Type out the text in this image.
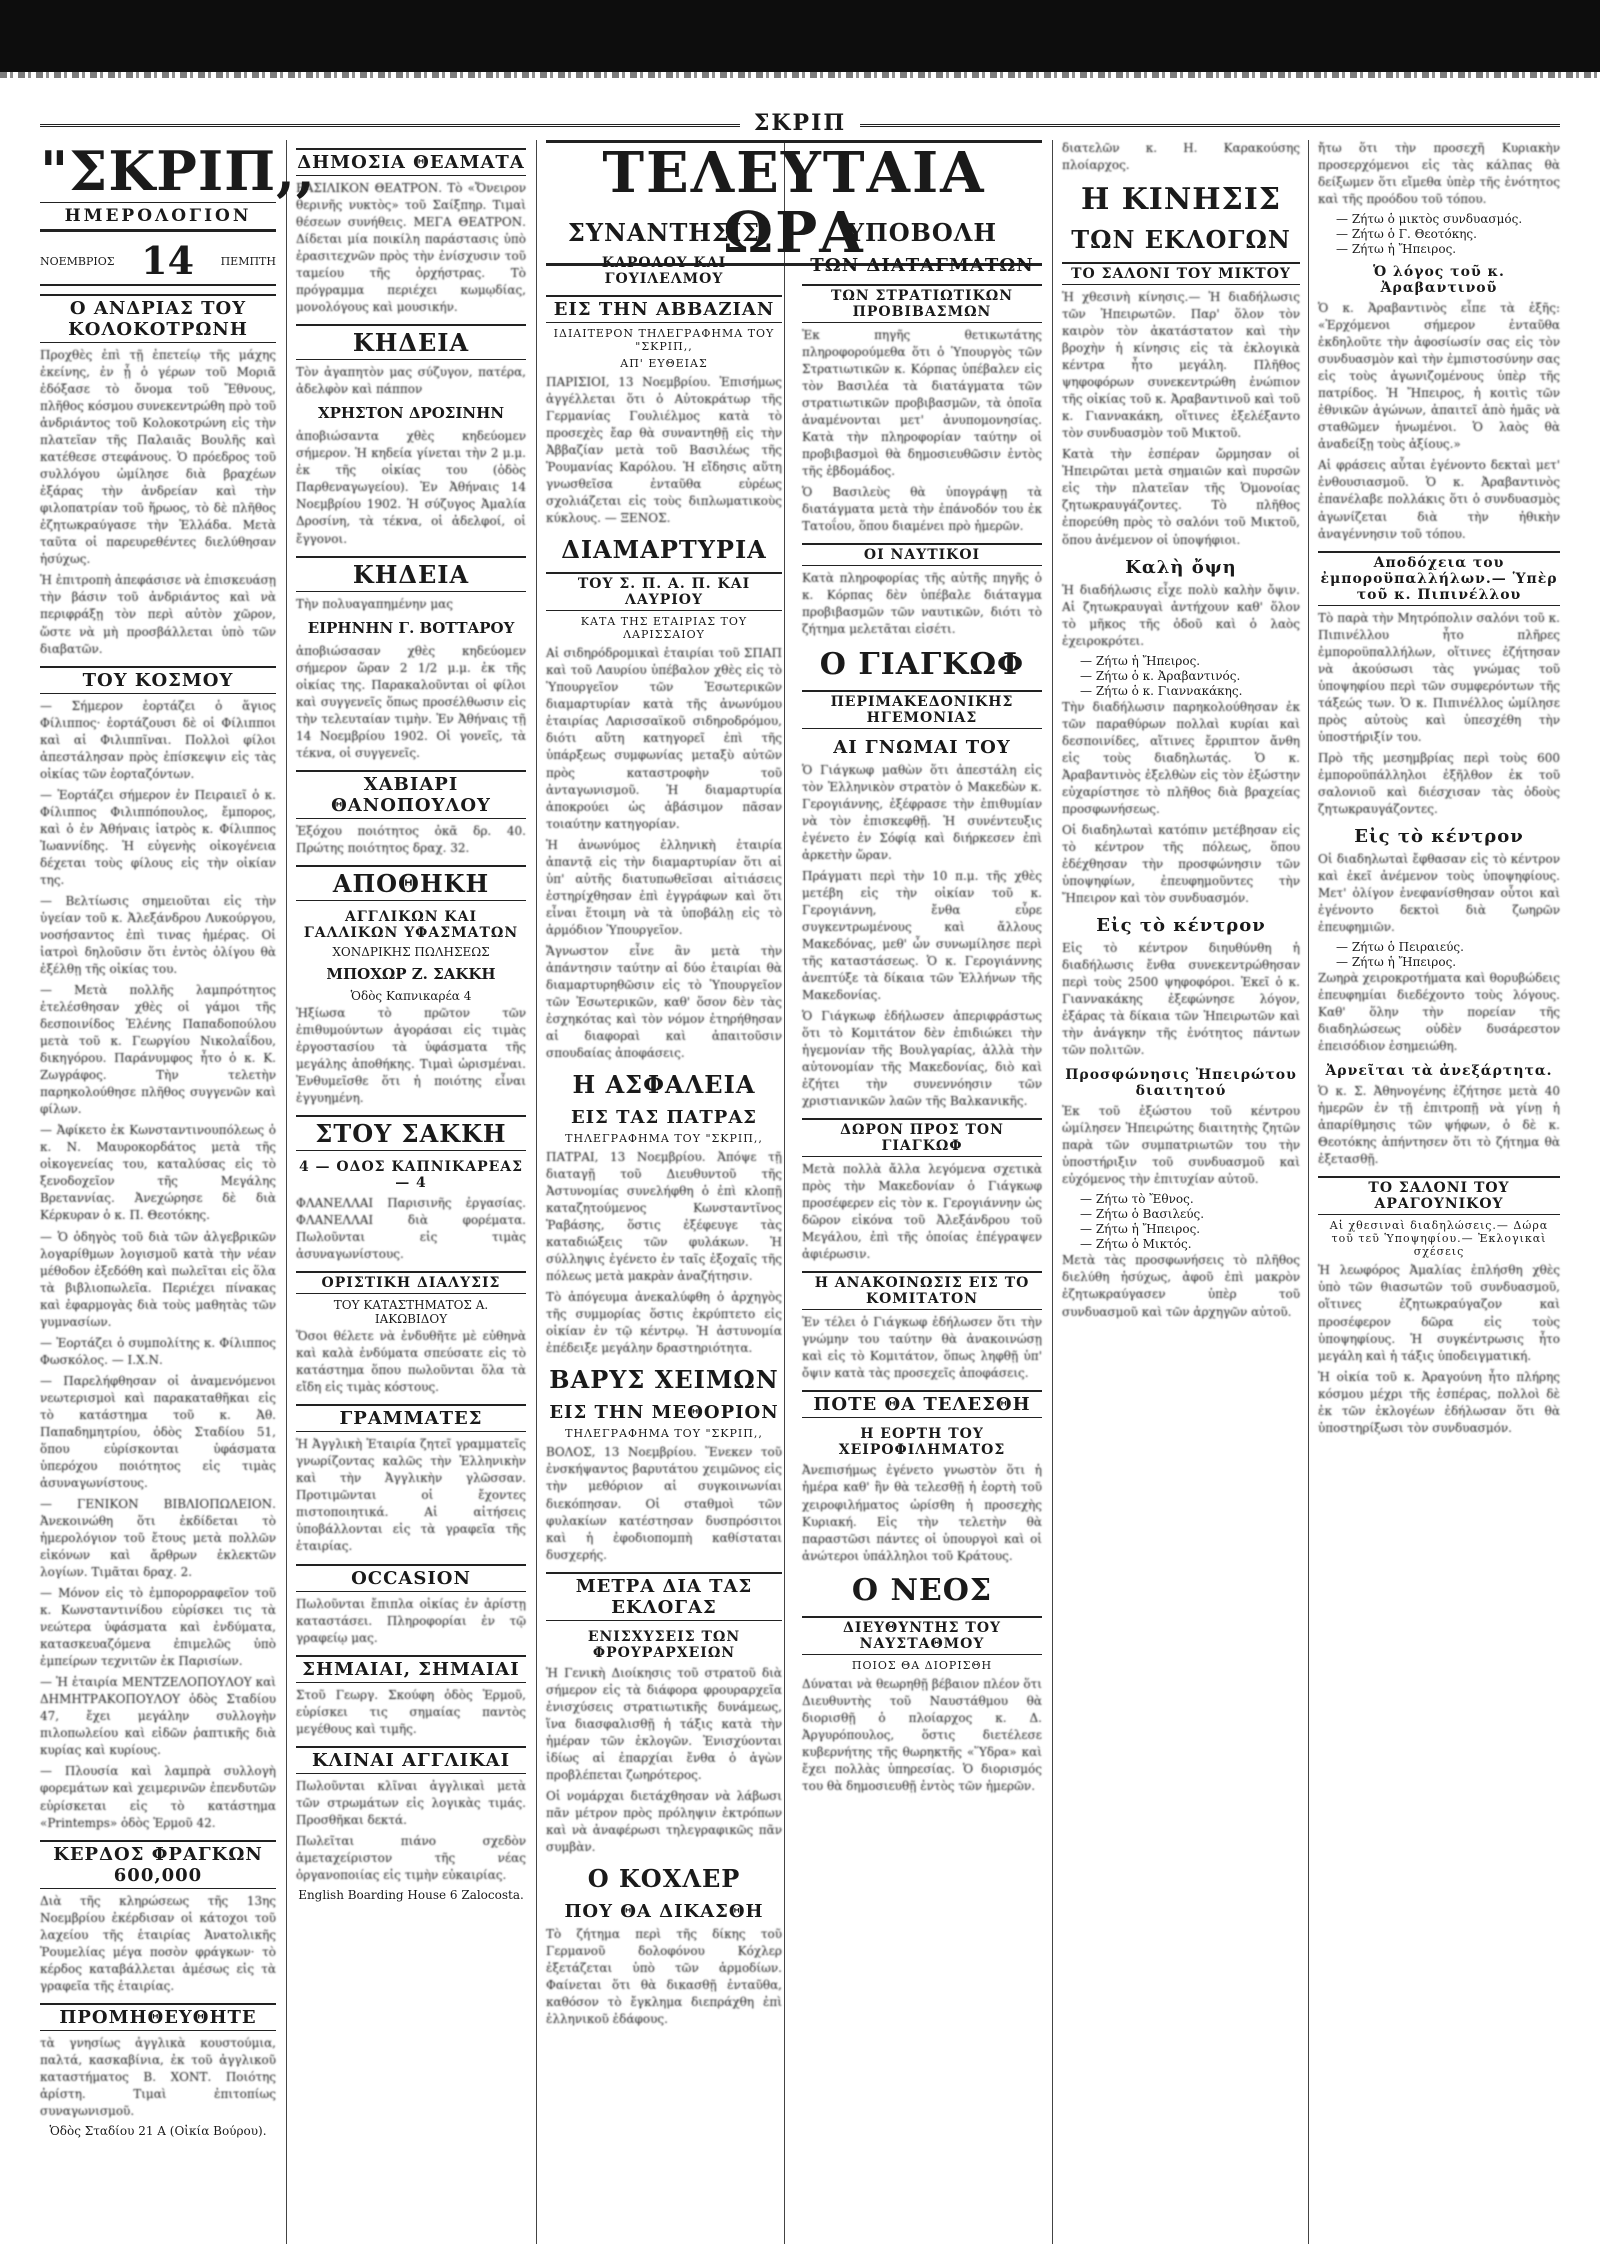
ΣΚΡΙΠ
"ΣΚΡΙΠ,,
ΗΜΕΡΟΛΟΓΙΟΝ
ΝΟΕΜΒΡΙΟΣ 14 ΠΕΜΠΤΗ
Ο ΑΝΔΡΙΑΣ ΤΟΥ ΚΟΛΟΚΟΤΡΩΝΗ

Προχθὲς ἐπὶ τῇ ἐπετείῳ τῆς μάχης ἐκείνης, ἐν ᾗ ὁ γέρων τοῦ Μοριᾶ ἐδόξασε τὸ ὄνομα τοῦ Ἔθνους, πλῆθος κόσμου συνεκεντρώθη πρὸ τοῦ ἀνδριάντος τοῦ Κολοκοτρώνη εἰς τὴν πλατεῖαν τῆς Παλαιᾶς Βουλῆς καὶ κατέθεσε στεφάνους. Ὁ πρόεδρος τοῦ συλλόγου ὡμίλησε διὰ βραχέων ἐξάρας τὴν ἀνδρείαν καὶ τὴν φιλοπατρίαν τοῦ ἥρωος, τὸ δὲ πλῆθος ἐζητωκραύγασε τὴν Ἑλλάδα. Μετὰ ταῦτα οἱ παρευρεθέντες διελύθησαν ἡσύχως.

Ἡ ἐπιτροπὴ ἀπεφάσισε νὰ ἐπισκευάσῃ τὴν βάσιν τοῦ ἀνδριάντος καὶ νὰ περιφράξῃ τὸν περὶ αὐτὸν χῶρον, ὥστε νὰ μὴ προσβάλλεται ὑπὸ τῶν διαβατῶν.

ΤΟΥ ΚΟΣΜΟΥ

— Σήμερον ἑορτάζει ὁ ἅγιος Φίλιππος· ἑορτάζουσι δὲ οἱ Φίλιπποι καὶ αἱ Φιλιππῖναι. Πολλοὶ φίλοι ἀπεστάλησαν πρὸς ἐπίσκεψιν εἰς τὰς οἰκίας τῶν ἑορταζόντων.

— Ἐορτάζει σήμερον ἐν Πειραιεῖ ὁ κ. Φίλιππος Φιλιππόπουλος, ἔμπορος, καὶ ὁ ἐν Ἀθήναις ἰατρὸς κ. Φίλιππος Ἰωαννίδης. Ἡ εὐγενὴς οἰκογένεια δέχεται τοὺς φίλους εἰς τὴν οἰκίαν της.

— Βελτίωσις σημειοῦται εἰς τὴν ὑγείαν τοῦ κ. Ἀλεξάνδρου Λυκούργου, νοσήσαντος ἐπὶ τινας ἡμέρας. Οἱ ἰατροὶ δηλοῦσιν ὅτι ἐντὸς ὀλίγου θὰ ἐξέλθῃ τῆς οἰκίας του.

— Μετὰ πολλῆς λαμπρότητος ἐτελέσθησαν χθὲς οἱ γάμοι τῆς δεσποινίδος Ἑλένης Παπαδοπούλου μετὰ τοῦ κ. Γεωργίου Νικολαΐδου, δικηγόρου. Παράνυμφος ἦτο ὁ κ. Κ. Ζωγράφος. Τὴν τελετὴν παρηκολούθησε πλῆθος συγγενῶν καὶ φίλων.

— Ἀφίκετο ἐκ Κωνσταντινουπόλεως ὁ κ. Ν. Μαυροκορδάτος μετὰ τῆς οἰκογενείας του, καταλύσας εἰς τὸ ξενοδοχεῖον τῆς Μεγάλης Βρεταννίας. Ἀνεχώρησε δὲ διὰ Κέρκυραν ὁ κ. Π. Θεοτόκης.

— Ὁ ὁδηγὸς τοῦ διὰ τῶν ἀλγεβρικῶν λογαρίθμων λογισμοῦ κατὰ τὴν νέαν μέθοδον ἐξεδόθη καὶ πωλεῖται εἰς ὅλα τὰ βιβλιοπωλεῖα. Περιέχει πίνακας καὶ ἐφαρμογὰς διὰ τοὺς μαθητὰς τῶν γυμνασίων.

— Ἐορτάζει ὁ συμπολίτης κ. Φίλιππος Φωσκόλος. — Ι.Χ.Ν.

— Παρελήφθησαν οἱ ἀναμενόμενοι νεωτερισμοὶ καὶ παρακαταθῆκαι εἰς τὸ κατάστημα τοῦ κ. Ἀθ. Παπαδημητρίου, ὁδὸς Σταδίου 51, ὅπου εὑρίσκονται ὑφάσματα ὑπερόχου ποιότητος εἰς τιμὰς ἀσυναγωνίστους.

— ΓΕΝΙΚΟΝ ΒΙΒΛΙΟΠΩΛΕΙΟΝ. Ἀνεκοινώθη ὅτι ἐκδίδεται τὸ ἡμερολόγιον τοῦ ἔτους μετὰ πολλῶν εἰκόνων καὶ ἄρθρων ἐκλεκτῶν λογίων. Τιμᾶται δραχ. 2.

— Μόνον εἰς τὸ ἐμπορορραφεῖον τοῦ κ. Κωνσταντινίδου εὑρίσκει τις τὰ νεώτερα ὑφάσματα καὶ ἐνδύματα, κατασκευαζόμενα ἐπιμελῶς ὑπὸ ἐμπείρων τεχνιτῶν ἐκ Παρισίων.

— Ἡ ἑταιρία ΜΕΝΤΖΕΛΟΠΟΥΛΟΥ καὶ ΔΗΜΗΤΡΑΚΟΠΟΥΛΟΥ ὁδὸς Σταδίου 47, ἔχει μεγάλην συλλογὴν πιλοπωλείου καὶ εἰδῶν ῥαπτικῆς διὰ κυρίας καὶ κυρίους.

— Πλουσία καὶ λαμπρὰ συλλογὴ φορεμάτων καὶ χειμερινῶν ἐπενδυτῶν εὑρίσκεται εἰς τὸ κατάστημα «Printemps» ὁδὸς Ἑρμοῦ 42.

ΚΕΡΔΟΣ ΦΡΑΓΚΩΝ 600,000

Διὰ τῆς κληρώσεως τῆς 13ης Νοεμβρίου ἐκέρδισαν οἱ κάτοχοι τοῦ λαχείου τῆς ἑταιρίας Ἀνατολικῆς Ῥουμελίας μέγα ποσὸν φράγκων· τὸ κέρδος καταβάλλεται ἀμέσως εἰς τὰ γραφεῖα τῆς ἑταιρίας.

ΠΡΟΜΗΘΕΥΘΗΤΕ

τὰ γνησίως ἀγγλικὰ κουστούμια, παλτά, κασκαβίνια, ἐκ τοῦ ἀγγλικοῦ καταστήματος Β. ΧΟΝΤ. Ποιότης ἀρίστη. Τιμαὶ ἐπιτοπίως συναγωνισμοῦ.

Ὁδὸς Σταδίου 21 Α (Οἰκία Βούρου).
ΔΗΜΟΣΙΑ ΘΕΑΜΑΤΑ

ΒΑΣΙΛΙΚΟΝ ΘΕΑΤΡΟΝ. Τὸ «Ὄνειρον θερινῆς νυκτὸς» τοῦ Σαίξπηρ. Τιμαὶ θέσεων συνήθεις. ΜΕΓΑ ΘΕΑΤΡΟΝ. Δίδεται μία ποικίλη παράστασις ὑπὸ ἐρασιτεχνῶν πρὸς τὴν ἐνίσχυσιν τοῦ ταμείου τῆς ὀρχήστρας. Τὸ πρόγραμμα περιέχει κωμῳδίας, μονολόγους καὶ μουσικήν.

ΚΗΔΕΙΑ

Τὸν ἀγαπητὸν μας σύζυγον, πατέρα, ἀδελφὸν καὶ πάππον

ΧΡΗΣΤΟΝ ΔΡΟΣΙΝΗΝ

ἀποβιώσαντα χθὲς κηδεύομεν σήμερον. Ἡ κηδεία γίνεται τὴν 2 μ.μ. ἐκ τῆς οἰκίας του (ὁδὸς Παρθεναγωγείου). Ἐν Ἀθήναις 14 Νοεμβρίου 1902. Ἡ σύζυγος Ἀμαλία Δροσίνη, τὰ τέκνα, οἱ ἀδελφοί, οἱ ἔγγονοι.

ΚΗΔΕΙΑ

Τὴν πολυαγαπημένην μας

ΕΙΡΗΝΗΝ Γ. ΒΟΤΤΑΡΟΥ

ἀποβιώσασαν χθὲς κηδεύομεν σήμερον ὥραν 2 1/2 μ.μ. ἐκ τῆς οἰκίας της. Παρακαλοῦνται οἱ φίλοι καὶ συγγενεῖς ὅπως προσέλθωσιν εἰς τὴν τελευταίαν τιμὴν. Ἐν Ἀθήναις τῇ 14 Νοεμβρίου 1902. Οἱ γονεῖς, τὰ τέκνα, οἱ συγγενεῖς.

ΧΑΒΙΑΡΙ ΘΑΝΟΠΟΥΛΟΥ

Ἐξόχου ποιότητος ὀκᾶ δρ. 40. Πρώτης ποιότητος δραχ. 32.

ΑΠΟΘΗΚΗ
ΑΓΓΛΙΚΩΝ ΚΑΙ ΓΑΛΛΙΚΩΝ ΥΦΑΣΜΑΤΩΝ
ΧΟΝΔΡΙΚΗΣ ΠΩΛΗΣΕΩΣ
ΜΠΟΧΩΡ Ζ. ΣΑΚΚΗ
Ὁδὸς Καπνικαρέα 4

Ἠξίωσα τὸ πρῶτον τῶν ἐπιθυμούντων ἀγοράσαι εἰς τιμὰς ἐργοστασίου τὰ ὑφάσματα τῆς μεγάλης ἀποθήκης. Τιμαὶ ὡρισμέναι. Ἐνθυμεῖσθε ὅτι ἡ ποιότης εἶναι ἐγγυημένη.

ΣΤΟΥ ΣΑΚΚΗ
4 — ΟΔΟΣ ΚΑΠΝΙΚΑΡΕΑΣ — 4

ΦΛΑΝΕΛΛΑΙ Παρισινῆς ἐργασίας. ΦΛΑΝΕΛΛΑΙ διὰ φορέματα. Πωλοῦνται εἰς τιμὰς ἀσυναγωνίστους.

ΟΡΙΣΤΙΚΗ ΔΙΑΛΥΣΙΣ
ΤΟΥ ΚΑΤΑΣΤΗΜΑΤΟΣ Α. ΙΑΚΩΒΙΔΟΥ

Ὅσοι θέλετε νὰ ἐνδυθῆτε μὲ εὐθηνὰ καὶ καλὰ ἐνδύματα σπεύσατε εἰς τὸ κατάστημα ὅπου πωλοῦνται ὅλα τὰ εἴδη εἰς τιμὰς κόστους.

ΓΡΑΜΜΑΤΕΣ

Ἡ Ἀγγλικὴ Ἑταιρία ζητεῖ γραμματεῖς γνωρίζοντας καλῶς τὴν Ἑλληνικὴν καὶ τὴν Ἀγγλικὴν γλῶσσαν. Προτιμῶνται οἱ ἔχοντες πιστοποιητικά. Αἱ αἰτήσεις ὑποβάλλονται εἰς τὰ γραφεῖα τῆς ἑταιρίας.

OCCASION

Πωλοῦνται ἔπιπλα οἰκίας ἐν ἀρίστῃ καταστάσει. Πληροφορίαι ἐν τῷ γραφείῳ μας.

ΣΗΜΑΙΑΙ, ΣΗΜΑΙΑΙ

Στοῦ Γεωργ. Σκούφη ὁδὸς Ἑρμοῦ, εὑρίσκει τις σημαίας παντὸς μεγέθους καὶ τιμῆς.

ΚΛΙΝΑΙ ΑΓΓΛΙΚΑΙ

Πωλοῦνται κλῖναι ἀγγλικαὶ μετὰ τῶν στρωμάτων εἰς λογικὰς τιμάς. Προσθῆκαι δεκτά.

Πωλεῖται πιάνο σχεδὸν ἀμεταχείριστον τῆς νέας ὀργανοποιίας εἰς τιμὴν εὐκαιρίας.

English Boarding House 6 Zalocosta.
ΤΕΛΕΥΤΑΙΑ ΩΡΑ
ΣΥΝΑΝΤΗΣΙΣ
ΚΑΡΟΛΟΥ ΚΑΙ ΓΟΥΙΛΕΛΜΟΥ
ΕΙΣ ΤΗΝ ΑΒΒΑΖΙΑΝ
ΙΔΙΑΙΤΕΡΟΝ ΤΗΛΕΓΡΑΦΗΜΑ ΤΟΥ "ΣΚΡΙΠ,,
ΑΠ' ΕΥΘΕΙΑΣ

ΠΑΡΙΣΙΟΙ, 13 Νοεμβρίου. Ἐπισήμως ἀγγέλλεται ὅτι ὁ Αὐτοκράτωρ τῆς Γερμανίας Γουλιέλμος κατὰ τὸ προσεχὲς ἔαρ θὰ συναντηθῇ εἰς τὴν Ἀββαζίαν μετὰ τοῦ Βασιλέως τῆς Ῥουμανίας Καρόλου. Ἡ εἴδησις αὕτη γνωσθεῖσα ἐνταῦθα εὐρέως σχολιάζεται εἰς τοὺς διπλωματικοὺς κύκλους. — ΞΕΝΟΣ.

ΔΙΑΜΑΡΤΥΡΙΑ
ΤΟΥ Σ. Π. Α. Π. ΚΑΙ ΛΑΥΡΙΟΥ
ΚΑΤΑ ΤΗΣ ΕΤΑΙΡΙΑΣ ΤΟΥ ΛΑΡΙΣΣΑΙΟΥ

Αἱ σιδηρόδρομικαὶ ἑταιρίαι τοῦ ΣΠΑΠ καὶ τοῦ Λαυρίου ὑπέβαλον χθὲς εἰς τὸ Ὑπουργεῖον τῶν Ἐσωτερικῶν διαμαρτυρίαν κατὰ τῆς ἀνωνύμου ἑταιρίας Λαρισσαϊκοῦ σιδηροδρόμου, διότι αὕτη κατηγορεῖ ἐπὶ τῆς ὑπάρξεως συμφωνίας μεταξὺ αὐτῶν πρὸς καταστροφὴν τοῦ ἀνταγωνισμοῦ. Ἡ διαμαρτυρία ἀποκρούει ὡς ἀβάσιμον πᾶσαν τοιαύτην κατηγορίαν.

Ἡ ἀνωνύμος ἑλληνικὴ ἑταιρία ἀπαντᾷ εἰς τὴν διαμαρτυρίαν ὅτι αἱ ὑπ' αὐτῆς διατυπωθεῖσαι αἰτιάσεις ἐστηρίχθησαν ἐπὶ ἐγγράφων καὶ ὅτι εἶναι ἕτοιμη νὰ τὰ ὑποβάλῃ εἰς τὸ ἁρμόδιον Ὑπουργεῖον.

Ἄγνωστον εἶνε ἂν μετὰ τὴν ἀπάντησιν ταύτην αἱ δύο ἑταιρίαι θὰ διαμαρτυρηθῶσιν εἰς τὸ Ὑπουργεῖον τῶν Ἐσωτερικῶν, καθ' ὅσον δὲν τὰς ἐσχηκότας καὶ τὸν νόμον ἐτηρήθησαν αἱ διαφοραὶ καὶ ἀπαιτοῦσιν σπουδαίας ἀποφάσεις.

Η ΑΣΦΑΛΕΙΑ
ΕΙΣ ΤΑΣ ΠΑΤΡΑΣ
ΤΗΛΕΓΡΑΦΗΜΑ ΤΟΥ "ΣΚΡΙΠ,,

ΠΑΤΡΑΙ, 13 Νοεμβρίου. Ἀπόψε τῇ διαταγῇ τοῦ Διευθυντοῦ τῆς Ἀστυνομίας συνελήφθη ὁ ἐπὶ κλοπῇ καταζητούμενος Κωνσταντῖνος Ῥαβάσης, ὅστις ἐξέφευγε τὰς καταδιώξεις τῶν φυλάκων. Ἡ σύλληψις ἐγένετο ἐν ταῖς ἐξοχαῖς τῆς πόλεως μετὰ μακρὰν ἀναζήτησιν.

Τὸ ἀπόγευμα ἀνεκαλύφθη ὁ ἀρχηγὸς τῆς συμμορίας ὅστις ἐκρύπτετο εἰς οἰκίαν ἐν τῷ κέντρῳ. Ἡ ἀστυνομία ἐπέδειξε μεγάλην δραστηριότητα.

ΒΑΡΥΣ ΧΕΙΜΩΝ
ΕΙΣ ΤΗΝ ΜΕΘΟΡΙΟΝ
ΤΗΛΕΓΡΑΦΗΜΑ ΤΟΥ "ΣΚΡΙΠ,,

ΒΟΛΟΣ, 13 Νοεμβρίου. Ἕνεκεν τοῦ ἐνσκήψαντος βαρυτάτου χειμῶνος εἰς τὴν μεθόριον αἱ συγκοινωνίαι διεκόπησαν. Οἱ σταθμοὶ τῶν φυλακίων κατέστησαν δυσπρόσιτοι καὶ ἡ ἐφοδιοπομπὴ καθίσταται δυσχερής.

ΜΕΤΡΑ ΔΙΑ ΤΑΣ ΕΚΛΟΓΑΣ
ΕΝΙΣΧΥΣΕΙΣ ΤΩΝ ΦΡΟΥΡΑΡΧΕΙΩΝ

Ἡ Γενικὴ Διοίκησις τοῦ στρατοῦ διὰ σήμερον εἰς τὰ διάφορα φρουραρχεῖα ἐνισχύσεις στρατιωτικῆς δυνάμεως, ἵνα διασφαλισθῇ ἡ τάξις κατὰ τὴν ἡμέραν τῶν ἐκλογῶν. Ἐνισχύονται ἰδίως αἱ ἐπαρχίαι ἔνθα ὁ ἀγὼν προβλέπεται ζωηρότερος.

Οἱ νομάρχαι διετάχθησαν νὰ λάβωσι πᾶν μέτρον πρὸς πρόληψιν ἐκτρόπων καὶ νὰ ἀναφέρωσι τηλεγραφικῶς πᾶν συμβὰν.

Ο ΚΟΧΛΕΡ
ΠΟΥ ΘΑ ΔΙΚΑΣΘΗ

Τὸ ζήτημα περὶ τῆς δίκης τοῦ Γερμανοῦ δολοφόνου Κόχλερ ἐξετάζεται ὑπὸ τῶν ἁρμοδίων. Φαίνεται ὅτι θὰ δικασθῇ ἐνταῦθα, καθόσον τὸ ἔγκλημα διεπράχθη ἐπὶ ἑλληνικοῦ ἐδάφους.

ΥΠΟΒΟΛΗ
ΤΩΝ ΔΙΑΤΑΓΜΑΤΩΝ
ΤΩΝ ΣΤΡΑΤΙΩΤΙΚΩΝ ΠΡΟΒΙΒΑΣΜΩΝ

Ἐκ πηγῆς θετικωτάτης πληροφορούμεθα ὅτι ὁ Ὑπουργὸς τῶν Στρατιωτικῶν κ. Κόρπας ὑπέβαλεν εἰς τὸν Βασιλέα τὰ διατάγματα τῶν στρατιωτικῶν προβιβασμῶν, τὰ ὁποῖα ἀναμένονται μετ' ἀνυπομονησίας. Κατὰ τὴν πληροφορίαν ταύτην οἱ προβιβασμοὶ θὰ δημοσιευθῶσιν ἐντὸς τῆς ἑβδομάδος.

Ὁ Βασιλεὺς θὰ ὑπογράψῃ τὰ διατάγματα μετὰ τὴν ἐπάνοδόν του ἐκ Τατοΐου, ὅπου διαμένει πρὸ ἡμερῶν.

ΟΙ ΝΑΥΤΙΚΟΙ

Κατὰ πληροφορίας τῆς αὐτῆς πηγῆς ὁ κ. Κόρπας δὲν ὑπέβαλε διάταγμα προβιβασμῶν τῶν ναυτικῶν, διότι τὸ ζήτημα μελετᾶται εἰσέτι.

Ο ΓΙΑΓΚΩΦ
ΠΕΡΙΜΑΚΕΔΟΝΙΚΗΣ ΗΓΕΜΟΝΙΑΣ
ΑΙ ΓΝΩΜΑΙ ΤΟΥ

Ὁ Γιάγκωφ μαθὼν ὅτι ἀπεστάλη εἰς τὸν Ἑλληνικὸν στρατὸν ὁ Μακεδὼν κ. Γερογιάννης, ἐξέφρασε τὴν ἐπιθυμίαν νὰ τὸν ἐπισκεφθῇ. Ἡ συνέντευξις ἐγένετο ἐν Σόφίᾳ καὶ διήρκεσεν ἐπὶ ἀρκετὴν ὥραν.

Πράγματι περὶ τὴν 10 π.μ. τῆς χθὲς μετέβη εἰς τὴν οἰκίαν τοῦ κ. Γερογιάννη, ἔνθα εὗρε συγκεντρωμένους καὶ ἄλλους Μακεδόνας, μεθ' ὧν συνωμίλησε περὶ τῆς καταστάσεως. Ὁ κ. Γερογιάννης ἀνεπτύξε τὰ δίκαια τῶν Ἑλλήνων τῆς Μακεδονίας.

Ὁ Γιάγκωφ ἐδήλωσεν ἀπεριφράστως ὅτι τὸ Κομιτάτον δὲν ἐπιδιώκει τὴν ἡγεμονίαν τῆς Βουλγαρίας, ἀλλὰ τὴν αὐτονομίαν τῆς Μακεδονίας, διὸ καὶ ἐζήτει τὴν συνεννόησιν τῶν χριστιανικῶν λαῶν τῆς Βαλκανικῆς.

ΔΩΡΟΝ ΠΡΟΣ ΤΟΝ ΓΙΑΓΚΩΦ

Μετὰ πολλὰ ἄλλα λεγόμενα σχετικὰ πρὸς τὴν Μακεδονίαν ὁ Γιάγκωφ προσέφερεν εἰς τὸν κ. Γερογιάννην ὡς δῶρον εἰκόνα τοῦ Ἀλεξάνδρου τοῦ Μεγάλου, ἐπὶ τῆς ὁποίας ἐπέγραψεν ἀφιέρωσιν.

Η ΑΝΑΚΟΙΝΩΣΙΣ ΕΙΣ ΤΟ ΚΟΜΙΤΑΤΟΝ

Ἐν τέλει ὁ Γιάγκωφ ἐδήλωσεν ὅτι τὴν γνώμην του ταύτην θὰ ἀνακοινώσῃ καὶ εἰς τὸ Κομιτάτον, ὅπως ληφθῇ ὑπ' ὄψιν κατὰ τὰς προσεχεῖς ἀποφάσεις.

ΠΟΤΕ ΘΑ ΤΕΛΕΣΘΗ
Η ΕΟΡΤΗ ΤΟΥ ΧΕΙΡΟΦΙΛΗΜΑΤΟΣ

Ἀνεπισήμως ἐγένετο γνωστὸν ὅτι ἡ ἡμέρα καθ' ἣν θὰ τελεσθῇ ἡ ἑορτὴ τοῦ χειροφιλήματος ὡρίσθη ἡ προσεχὴς Κυριακή. Εἰς τὴν τελετὴν θὰ παραστῶσι πάντες οἱ ὑπουργοὶ καὶ οἱ ἀνώτεροι ὑπάλληλοι τοῦ Κράτους.

Ο ΝΕΟΣ
ΔΙΕΥΘΥΝΤΗΣ ΤΟΥ ΝΑΥΣΤΑΘΜΟΥ
ΠΟΙΟΣ ΘΑ ΔΙΟΡΙΣΘΗ

Δύναται νὰ θεωρηθῇ βέβαιον πλέον ὅτι Διευθυντὴς τοῦ Ναυστάθμου θὰ διορισθῇ ὁ πλοίαρχος κ. Δ. Ἀργυρόπουλος, ὅστις διετέλεσε κυβερνήτης τῆς θωρηκτῆς «Ὕδρα» καὶ ἔχει πολλὰς ὑπηρεσίας. Ὁ διορισμός του θὰ δημοσιευθῇ ἐντὸς τῶν ἡμερῶν.

διατελῶν κ. Η. Καρακούσης πλοίαρχος.

Η ΚΙΝΗΣΙΣ
ΤΩΝ ΕΚΛΟΓΩΝ
ΤΟ ΣΑΛΟΝΙ ΤΟΥ ΜΙΚΤΟΥ

Ἡ χθεσινὴ κίνησις.— Ἡ διαδήλωσις τῶν Ἠπειρωτῶν. Παρ' ὅλον τὸν καιρὸν τὸν ἀκατάστατον καὶ τὴν βροχὴν ἡ κίνησις εἰς τὰ ἐκλογικὰ κέντρα ἦτο μεγάλη. Πλῆθος ψηφοφόρων συνεκεντρώθη ἐνώπιον τῆς οἰκίας τοῦ κ. Ἀραβαντινοῦ καὶ τοῦ κ. Γιαννακάκη, οἵτινες ἐξελέξαντο τὸν συνδυασμὸν τοῦ Μικτοῦ.

Κατὰ τὴν ἑσπέραν ὤρμησαν οἱ Ἠπειρῶται μετὰ σημαιῶν καὶ πυρσῶν εἰς τὴν πλατεῖαν τῆς Ὁμονοίας ζητωκραυγάζοντες. Τὸ πλῆθος ἐπορεύθη πρὸς τὸ σαλόνι τοῦ Μικτοῦ, ὅπου ἀνέμενον οἱ ὑποψήφιοι.

Καλὴ ὄψη

Ἡ διαδήλωσις εἶχε πολὺ καλὴν ὄψιν. Αἱ ζητωκραυγαὶ ἀντήχουν καθ' ὅλον τὸ μῆκος τῆς ὁδοῦ καὶ ὁ λαὸς ἐχειροκρότει.

— Ζήτω ἡ Ἤπειρος.
— Ζήτω ὁ κ. Ἀραβαντινός.
— Ζήτω ὁ κ. Γιαννακάκης.

Τὴν διαδήλωσιν παρηκολούθησαν ἐκ τῶν παραθύρων πολλαὶ κυρίαι καὶ δεσποινίδες, αἵτινες ἔρριπτον ἄνθη εἰς τοὺς διαδηλωτάς. Ὁ κ. Ἀραβαντινὸς ἐξελθὼν εἰς τὸν ἐξώστην εὐχαρίστησε τὸ πλῆθος διὰ βραχείας προσφωνήσεως.

Οἱ διαδηλωταὶ κατόπιν μετέβησαν εἰς τὸ κέντρον τῆς πόλεως, ὅπου ἐδέχθησαν τὴν προσφώνησιν τῶν ὑποψηφίων, ἐπευφημοῦντες τὴν Ἤπειρον καὶ τὸν συνδυασμόν.

Εἰς τὸ κέντρον

Εἰς τὸ κέντρον διηυθύνθη ἡ διαδήλωσις ἔνθα συνεκεντρώθησαν περὶ τοὺς 2500 ψηφοφόροι. Ἐκεῖ ὁ κ. Γιαννακάκης ἐξεφώνησε λόγον, ἐξάρας τὰ δίκαια τῶν Ἠπειρωτῶν καὶ τὴν ἀνάγκην τῆς ἑνότητος πάντων τῶν πολιτῶν.

Προσφώνησις Ἠπειρώτου διαιτητού

Ἐκ τοῦ ἐξώστου τοῦ κέντρου ὡμίλησεν Ἠπειρώτης διαιτητὴς ζητῶν παρὰ τῶν συμπατριωτῶν του τὴν ὑποστήριξιν τοῦ συνδυασμοῦ καὶ εὐχόμενος τὴν ἐπιτυχίαν αὐτοῦ.

— Ζήτω τὸ Ἔθνος.
— Ζήτω ὁ Βασιλεύς.
— Ζήτω ἡ Ἤπειρος.
— Ζήτω ὁ Μικτός.

Μετὰ τὰς προσφωνήσεις τὸ πλῆθος διελύθη ἡσύχως, ἀφοῦ ἐπὶ μακρὸν ἐζητωκραύγασεν ὑπὲρ τοῦ συνδυασμοῦ καὶ τῶν ἀρχηγῶν αὐτοῦ.

ἤτω ὅτι τὴν προσεχῆ Κυριακὴν προσερχόμενοι εἰς τὰς κάλπας θὰ δείξωμεν ὅτι εἴμεθα ὑπὲρ τῆς ἑνότητος καὶ τῆς προόδου τοῦ τόπου.

— Ζήτω ὁ μικτὸς συνδυασμός.
— Ζήτω ὁ Γ. Θεοτόκης.
— Ζήτω ἡ Ἤπειρος.
Ὁ λόγος τοῦ κ. Ἀραβαντινοῦ

Ὁ κ. Ἀραβαντινὸς εἶπε τὰ ἑξῆς: «Ἐρχόμενοι σήμερον ἐνταῦθα ἐκδηλοῦτε τὴν ἀφοσίωσίν σας εἰς τὸν συνδυασμὸν καὶ τὴν ἐμπιστοσύνην σας εἰς τοὺς ἀγωνιζομένους ὑπὲρ τῆς πατρίδος. Ἡ Ἤπειρος, ἡ κοιτὶς τῶν ἐθνικῶν ἀγώνων, ἀπαιτεῖ ἀπὸ ἡμᾶς νὰ σταθῶμεν ἡνωμένοι. Ὁ λαὸς θὰ ἀναδείξῃ τοὺς ἀξίους.»

Αἱ φράσεις αὗται ἐγένοντο δεκταὶ μετ' ἐνθουσιασμοῦ. Ὁ κ. Ἀραβαντινὸς ἐπανέλαβε πολλάκις ὅτι ὁ συνδυασμὸς ἀγωνίζεται διὰ τὴν ἠθικὴν ἀναγέννησιν τοῦ τόπου.

Αποδόχεια του ἐμποροϋπαλλήλων.— Ὑπὲρ τοῦ κ. Πιπινέλλου

Τὸ παρὰ τὴν Μητρόπολιν σαλόνι τοῦ κ. Πιπινέλλου ἦτο πλῆρες ἐμποροϋπαλλήλων, οἵτινες ἐζήτησαν νὰ ἀκούσωσι τὰς γνώμας τοῦ ὑποψηφίου περὶ τῶν συμφερόντων τῆς τάξεώς των. Ὁ κ. Πιπινέλλος ὡμίλησε πρὸς αὐτοὺς καὶ ὑπεσχέθη τὴν ὑποστήριξίν του.

Πρὸ τῆς μεσημβρίας περὶ τοὺς 600 ἐμποροϋπάλληλοι ἐξῆλθον ἐκ τοῦ σαλονιοῦ καὶ διέσχισαν τὰς ὁδοὺς ζητωκραυγάζοντες.

Εἰς τὸ κέντρον

Οἱ διαδηλωταὶ ἔφθασαν εἰς τὸ κέντρον καὶ ἐκεῖ ἀνέμενον τοὺς ὑποψηφίους. Μετ' ὀλίγον ἐνεφανίσθησαν οὗτοι καὶ ἐγένοντο δεκτοὶ διὰ ζωηρῶν ἐπευφημιῶν.

— Ζήτω ὁ Πειραιεύς.
— Ζήτω ἡ Ἤπειρος.

Ζωηρὰ χειροκροτήματα καὶ θορυβώδεις ἐπευφημίαι διεδέχοντο τοὺς λόγους. Καθ' ὅλην τὴν πορείαν τῆς διαδηλώσεως οὐδὲν δυσάρεστον ἐπεισόδιον ἐσημειώθη.

Ἀρνεῖται τὰ ἀνεξάρτητα.

Ὁ κ. Σ. Ἀθηνογένης ἐζήτησε μετὰ 40 ἡμερῶν ἐν τῇ ἐπιτροπῇ νὰ γίνῃ ἡ ἀπαρίθμησις τῶν ψήφων, ὁ δὲ κ. Θεοτόκης ἀπήντησεν ὅτι τὸ ζήτημα θὰ ἐξετασθῇ.

ΤΟ ΣΑΛΟΝΙ ΤΟΥ ΑΡΑΓΟΥΝΙΚΟΥ
Αἱ χθεσιναὶ διαδηλώσεις.— Δώρα τοῦ τεῦ Ὑποψηφίου.— Ἐκλογικαὶ σχέσεις

Ἡ λεωφόρος Ἀμαλίας ἐπλήσθη χθὲς ὑπὸ τῶν θιασωτῶν τοῦ συνδυασμοῦ, οἵτινες ἐζητωκραύγαζον καὶ προσέφερον δῶρα εἰς τοὺς ὑποψηφίους. Ἡ συγκέντρωσις ἦτο μεγάλη καὶ ἡ τάξις ὑποδειγματική.

Ἡ οἰκία τοῦ κ. Ἀραγούνη ἦτο πλήρης κόσμου μέχρι τῆς ἑσπέρας, πολλοὶ δὲ ἐκ τῶν ἐκλογέων ἐδήλωσαν ὅτι θὰ ὑποστηρίξωσι τὸν συνδυασμόν.
